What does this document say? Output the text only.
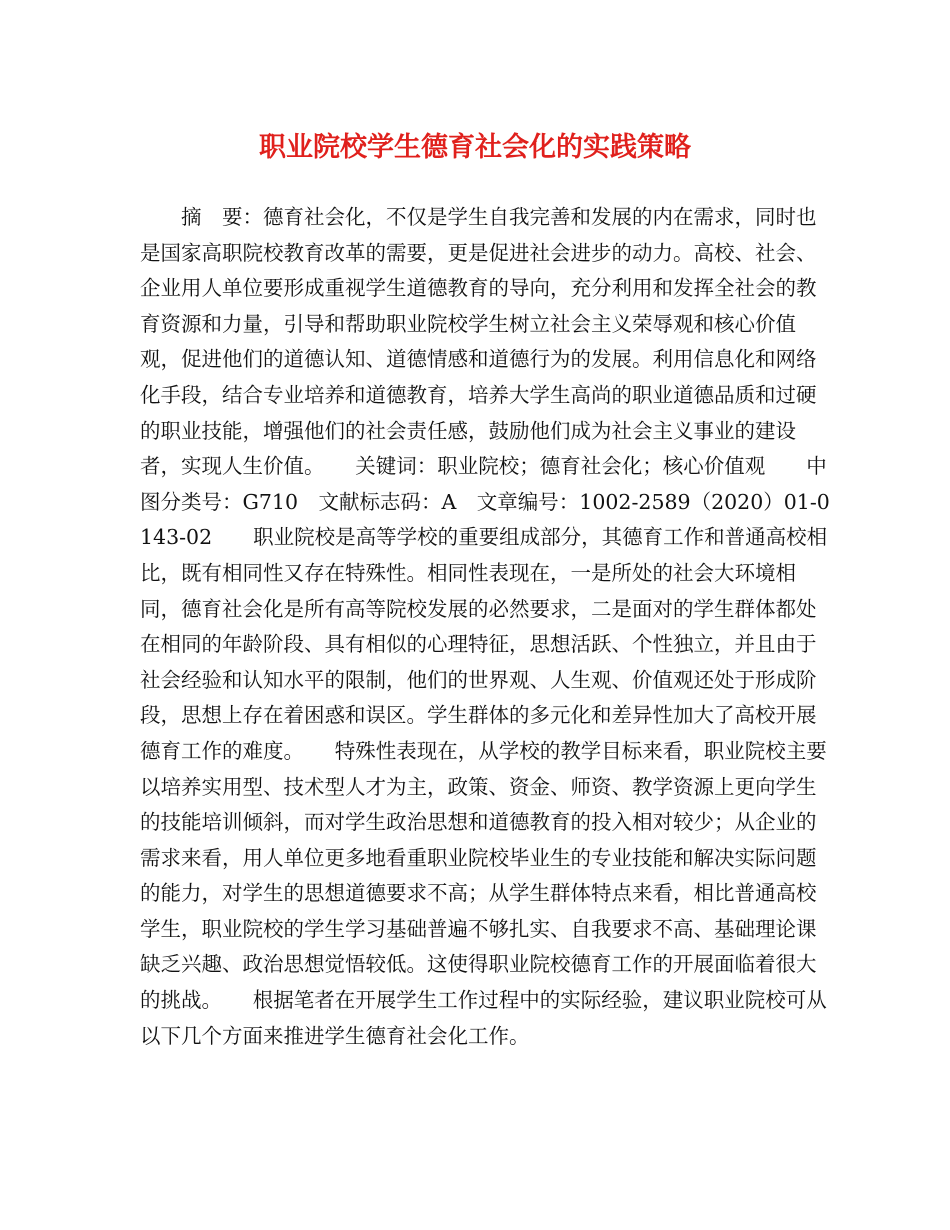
职业院校学生德育社会化的实践策略

　　摘　要：德育社会化，不仅是学生自我完善和发展的内在需求，同时也是国家高职院校教育改革的需要，更是促进社会进步的动力。高校、社会、企业用人单位要形成重视学生道德教育的导向，充分利用和发挥全社会的教育资源和力量，引导和帮助职业院校学生树立社会主义荣辱观和核心价值观，促进他们的道德认知、道德情感和道德行为的发展。利用信息化和网络化手段，结合专业培养和道德教育，培养大学生高尚的职业道德品质和过硬的职业技能，增强他们的社会责任感，鼓励他们成为社会主义事业的建设者，实现人生价值。　　关键词：职业院校；德育社会化；核心价值观　　中图分类号：G710　文献标志码：A　文章编号：1002-2589（2020）01-0143-02　　职业院校是高等学校的重要组成部分，其德育工作和普通高校相比，既有相同性又存在特殊性。相同性表现在，一是所处的社会大环境相同，德育社会化是所有高等院校发展的必然要求，二是面对的学生群体都处在相同的年龄阶段、具有相似的心理特征，思想活跃、个性独立，并且由于社会经验和认知水平的限制，他们的世界观、人生观、价值观还处于形成阶段，思想上存在着困惑和误区。学生群体的多元化和差异性加大了高校开展德育工作的难度。　　特殊性表现在，从学校的教学目标来看，职业院校主要以培养实用型、技术型人才为主，政策、资金、师资、教学资源上更向学生的技能培训倾斜，而对学生政治思想和道德教育的投入相对较少；从企业的需求来看，用人单位更多地看重职业院校毕业生的专业技能和解决实际问题的能力，对学生的思想道德要求不高；从学生群体特点来看，相比普通高校学生，职业院校的学生学习基础普遍不够扎实、自我要求不高、基础理论课缺乏兴趣、政治思想觉悟较低。这使得职业院校德育工作的开展面临着很大的挑战。　　根据笔者在开展学生工作过程中的实际经验，建议职业院校可从以下几个方面来推进学生德育社会化工作。
